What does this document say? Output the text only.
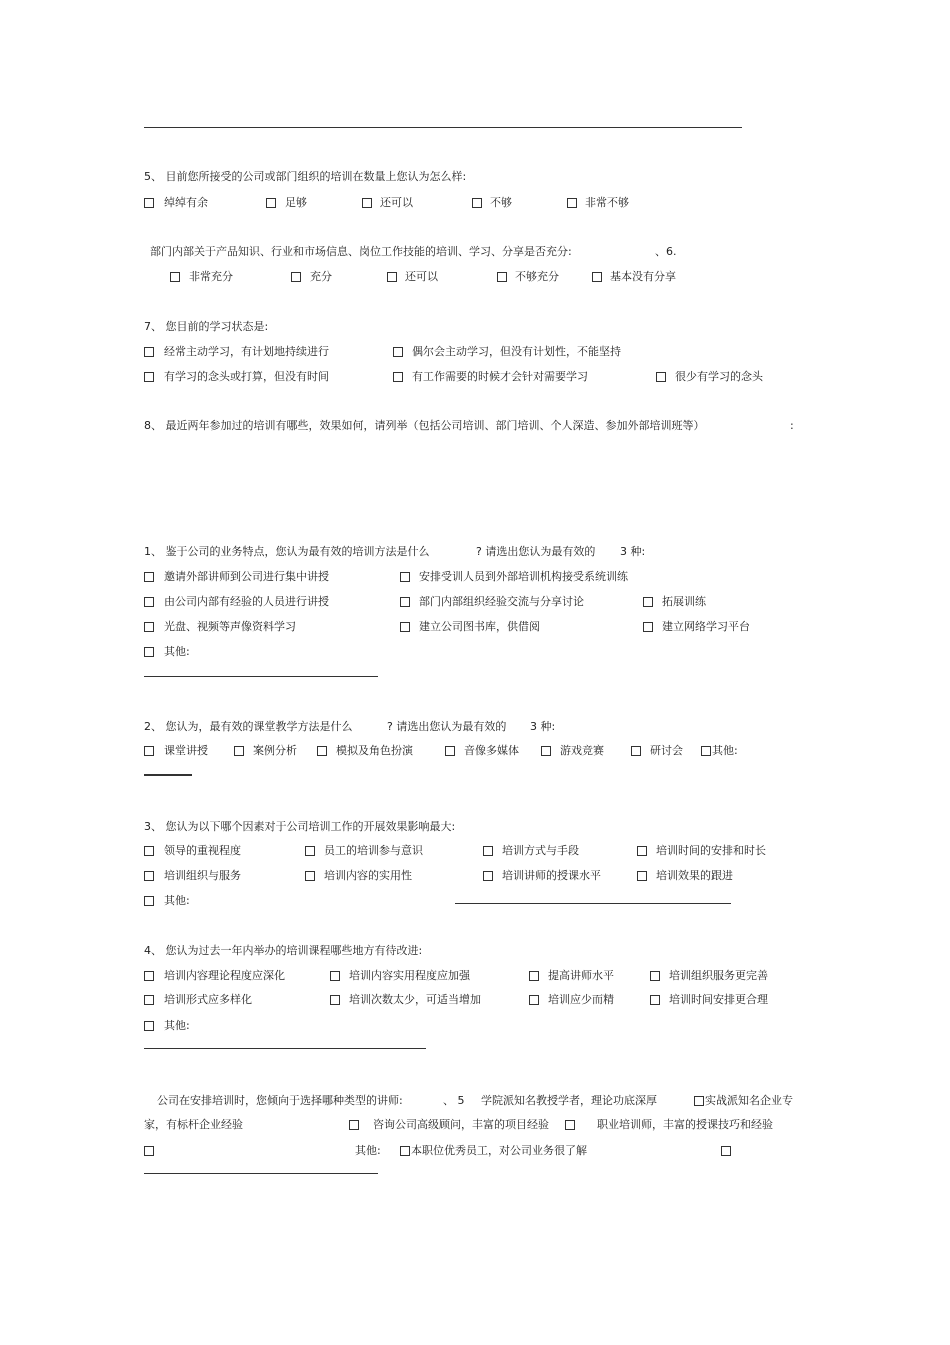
5、 目前您所接受的公司或部门组织的培训在数量上您认为怎么样:
绰绰有余	足够	还可以	不够	非常不够
部门内部关于产品知识、行业和市场信息、岗位工作技能的培训、学习、分享是否充分:	、6.
非常充分	充分	还可以	不够充分	基本没有分享
7、 您目前的学习状态是:
经常主动学习，有计划地持续进行	偶尔会主动学习，但没有计划性，不能坚持
有学习的念头或打算，但没有时间	有工作需要的时候才会针对需要学习	很少有学习的念头
8、 最近两年参加过的培训有哪些，效果如何，请列举（包括公司培训、部门培训、个人深造、参加外部培训班等）	:
1、 鉴于公司的业务特点，您认为最有效的培训方法是什么	? 请选出您认为最有效的 3 种:
邀请外部讲师到公司进行集中讲授	安排受训人员到外部培训机构接受系统训练
由公司内部有经验的人员进行讲授	部门内部组织经验交流与分享讨论	拓展训练
光盘、视频等声像资料学习	建立公司图书库，供借阅	建立网络学习平台
其他:
2、 您认为，最有效的课堂教学方法是什么	? 请选出您认为最有效的 3 种:
课堂讲授	案例分析	模拟及角色扮演	音像多媒体	游戏竞赛	研讨会	其他:
3、 您认为以下哪个因素对于公司培训工作的开展效果影响最大:
领导的重视程度	员工的培训参与意识	培训方式与手段	培训时间的安排和时长
培训组织与服务	培训内容的实用性	培训讲师的授课水平	培训效果的跟进
其他:
4、 您认为过去一年内举办的培训课程哪些地方有待改进:
培训内容理论程度应深化	培训内容实用程度应加强	提高讲师水平	培训组织服务更完善
培训形式应多样化	培训次数太少，可适当增加	培训应少而精	培训时间安排更合理
其他:
公司在安排培训时，您倾向于选择哪种类型的讲师:	、 5 学院派知名教授学者，理论功底深厚	实战派知名企业专
家，有标杆企业经验	咨询公司高级顾问，丰富的项目经验	职业培训师，丰富的授课技巧和经验
其他:	本职位优秀员工，对公司业务很了解
